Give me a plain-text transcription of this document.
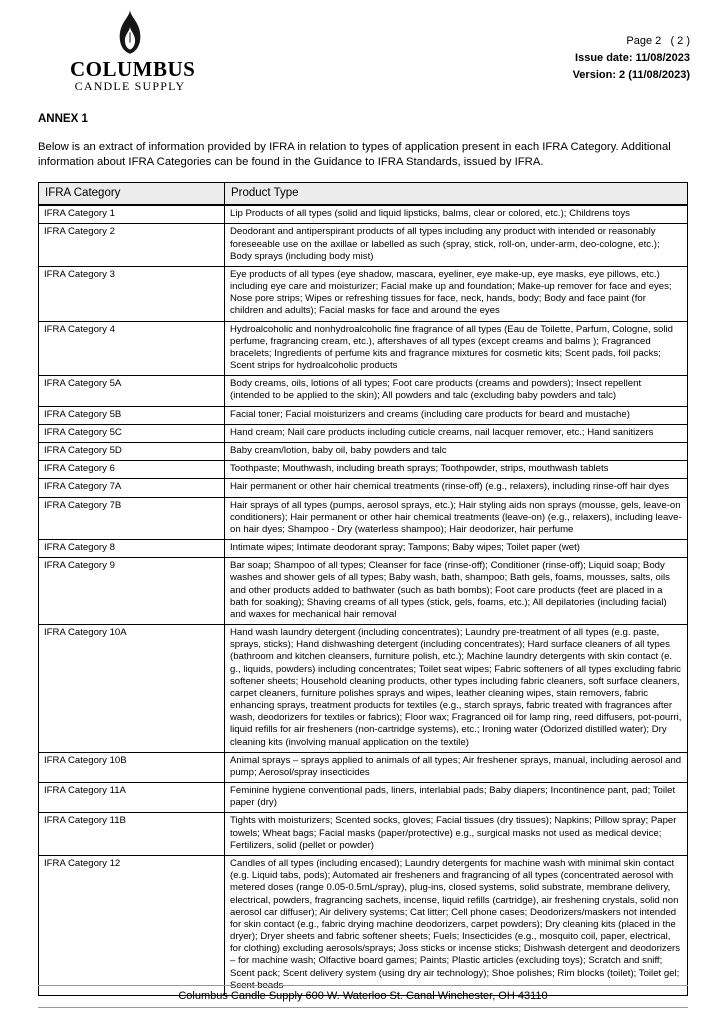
COLUMBUS
CANDLE SUPPLY
Page 2   ( 2 )
Issue date: 11/08/2023
Version: 2 (11/08/2023)
ANNEX 1

Below is an extract of information provided by IFRA in relation to types of application present in each IFRA Category. Additional information about IFRA Categories can be found in the Guidance to IFRA Standards, issued by IFRA.

IFRA Category	Product Type
IFRA Category 1	Lip Products of all types (solid and liquid lipsticks, balms, clear or colored, etc.); Childrens toys
IFRA Category 2	Deodorant and antiperspirant products of all types including any product with intended or reasonably foreseeable use on the axillae or labelled as such (spray, stick, roll-on, under-arm, deo-cologne, etc.); Body sprays (including body mist)
IFRA Category 3	Eye products of all types (eye shadow, mascara, eyeliner, eye make-up, eye masks, eye pillows, etc.) including eye care and moisturizer; Facial make up and foundation; Make-up remover for face and eyes; Nose pore strips; Wipes or refreshing tissues for face, neck, hands, body; Body and face paint (for children and adults); Facial masks for face and around the eyes
IFRA Category 4	Hydroalcoholic and nonhydroalcoholic fine fragrance of all types (Eau de Toilette, Parfum, Cologne, solid perfume, fragrancing cream, etc.), aftershaves of all types (except creams and balms ); Fragranced bracelets; Ingredients of perfume kits and fragrance mixtures for cosmetic kits; Scent pads, foil packs; Scent strips for hydroalcoholic products
IFRA Category 5A	Body creams, oils, lotions of all types; Foot care products (creams and powders); Insect repellent (intended to be applied to the skin); All powders and talc (excluding baby powders and talc)
IFRA Category 5B	Facial toner; Facial moisturizers and creams (including care products for beard and mustache)
IFRA Category 5C	Hand cream; Nail care products including cuticle creams, nail lacquer remover, etc.; Hand sanitizers
IFRA Category 5D	Baby cream/lotion, baby oil, baby powders and talc
IFRA Category 6	Toothpaste; Mouthwash, including breath sprays; Toothpowder, strips, mouthwash tablets
IFRA Category 7A	Hair permanent or other hair chemical treatments (rinse-off) (e.g., relaxers), including rinse-off hair dyes
IFRA Category 7B	Hair sprays of all types (pumps, aerosol sprays, etc.); Hair styling aids non sprays (mousse, gels, leave-on conditioners); Hair permanent or other hair chemical treatments (leave-on) (e.g., relaxers), including leave-on hair dyes; Shampoo - Dry (waterless shampoo); Hair deodorizer, hair perfume
IFRA Category 8	Intimate wipes; Intimate deodorant spray; Tampons; Baby wipes; Toilet paper (wet)
IFRA Category 9	Bar soap; Shampoo of all types; Cleanser for face (rinse-off); Conditioner (rinse-off); Liquid soap; Body washes and shower gels of all types; Baby wash, bath, shampoo; Bath gels, foams, mousses, salts, oils and other products added to bathwater (such as bath bombs); Foot care products (feet are placed in a bath for soaking); Shaving creams of all types (stick, gels, foams, etc.); All depilatories (including facial) and waxes for mechanical hair removal
IFRA Category 10A	Hand wash laundry detergent (including concentrates); Laundry pre-treatment of all types (e.g. paste, sprays, sticks); Hand dishwashing detergent (including concentrates); Hard surface cleaners of all types (bathroom and kitchen cleansers, furniture polish, etc.); Machine laundry detergents with skin contact (e. g., liquids, powders) including concentrates; Toilet seat wipes; Fabric softeners of all types excluding fabric softener sheets; Household cleaning products, other types including fabric cleaners, soft surface cleaners, carpet cleaners, furniture polishes sprays and wipes, leather cleaning wipes, stain removers, fabric enhancing sprays, treatment products for textiles (e.g., starch sprays, fabric treated with fragrances after wash, deodorizers for textiles or fabrics); Floor wax; Fragranced oil for lamp ring, reed diffusers, pot-pourri, liquid refills for air fresheners (non-cartridge systems), etc.; Ironing water (Odorized distilled water); Dry cleaning kits (involving manual application on the textile)
IFRA Category 10B	Animal sprays – sprays applied to animals of all types; Air freshener sprays, manual, including aerosol and pump; Aerosol/spray insecticides
IFRA Category 11A	Feminine hygiene conventional pads, liners, interlabial pads; Baby diapers; Incontinence pant, pad; Toilet paper (dry)
IFRA Category 11B	Tights with moisturizers; Scented socks, gloves; Facial tissues (dry tissues); Napkins; Pillow spray; Paper towels; Wheat bags; Facial masks (paper/protective) e.g., surgical masks not used as medical device; Fertilizers, solid (pellet or powder)
IFRA Category 12	Candles of all types (including encased); Laundry detergents for machine wash with minimal skin contact (e.g. Liquid tabs, pods); Automated air fresheners and fragrancing of all types (concentrated aerosol with metered doses (range 0.05-0.5mL/spray), plug-ins, closed systems, solid substrate, membrane delivery, electrical, powders, fragrancing sachets, incense, liquid refills (cartridge), air freshening crystals, solid non aerosol car diffuser); Air delivery systems; Cat litter; Cell phone cases; Deodorizers/maskers not intended for skin contact (e.g., fabric drying machine deodorizers, carpet powders); Dry cleaning kits (placed in the dryer); Dryer sheets and fabric softener sheets; Fuels; Insecticides (e.g., mosquito coil, paper, electrical, for clothing) excluding aerosols/sprays; Joss sticks or incense sticks; Dishwash detergent and deodorizers – for machine wash; Olfactive board games; Paints; Plastic articles (excluding toys); Scratch and sniff; Scent pack; Scent delivery system (using dry air technology); Shoe polishes; Rim blocks (toilet); Toilet gel; Scent beads
Columbus Candle Supply 600 W. Waterloo St. Canal Winchester, OH 43110
